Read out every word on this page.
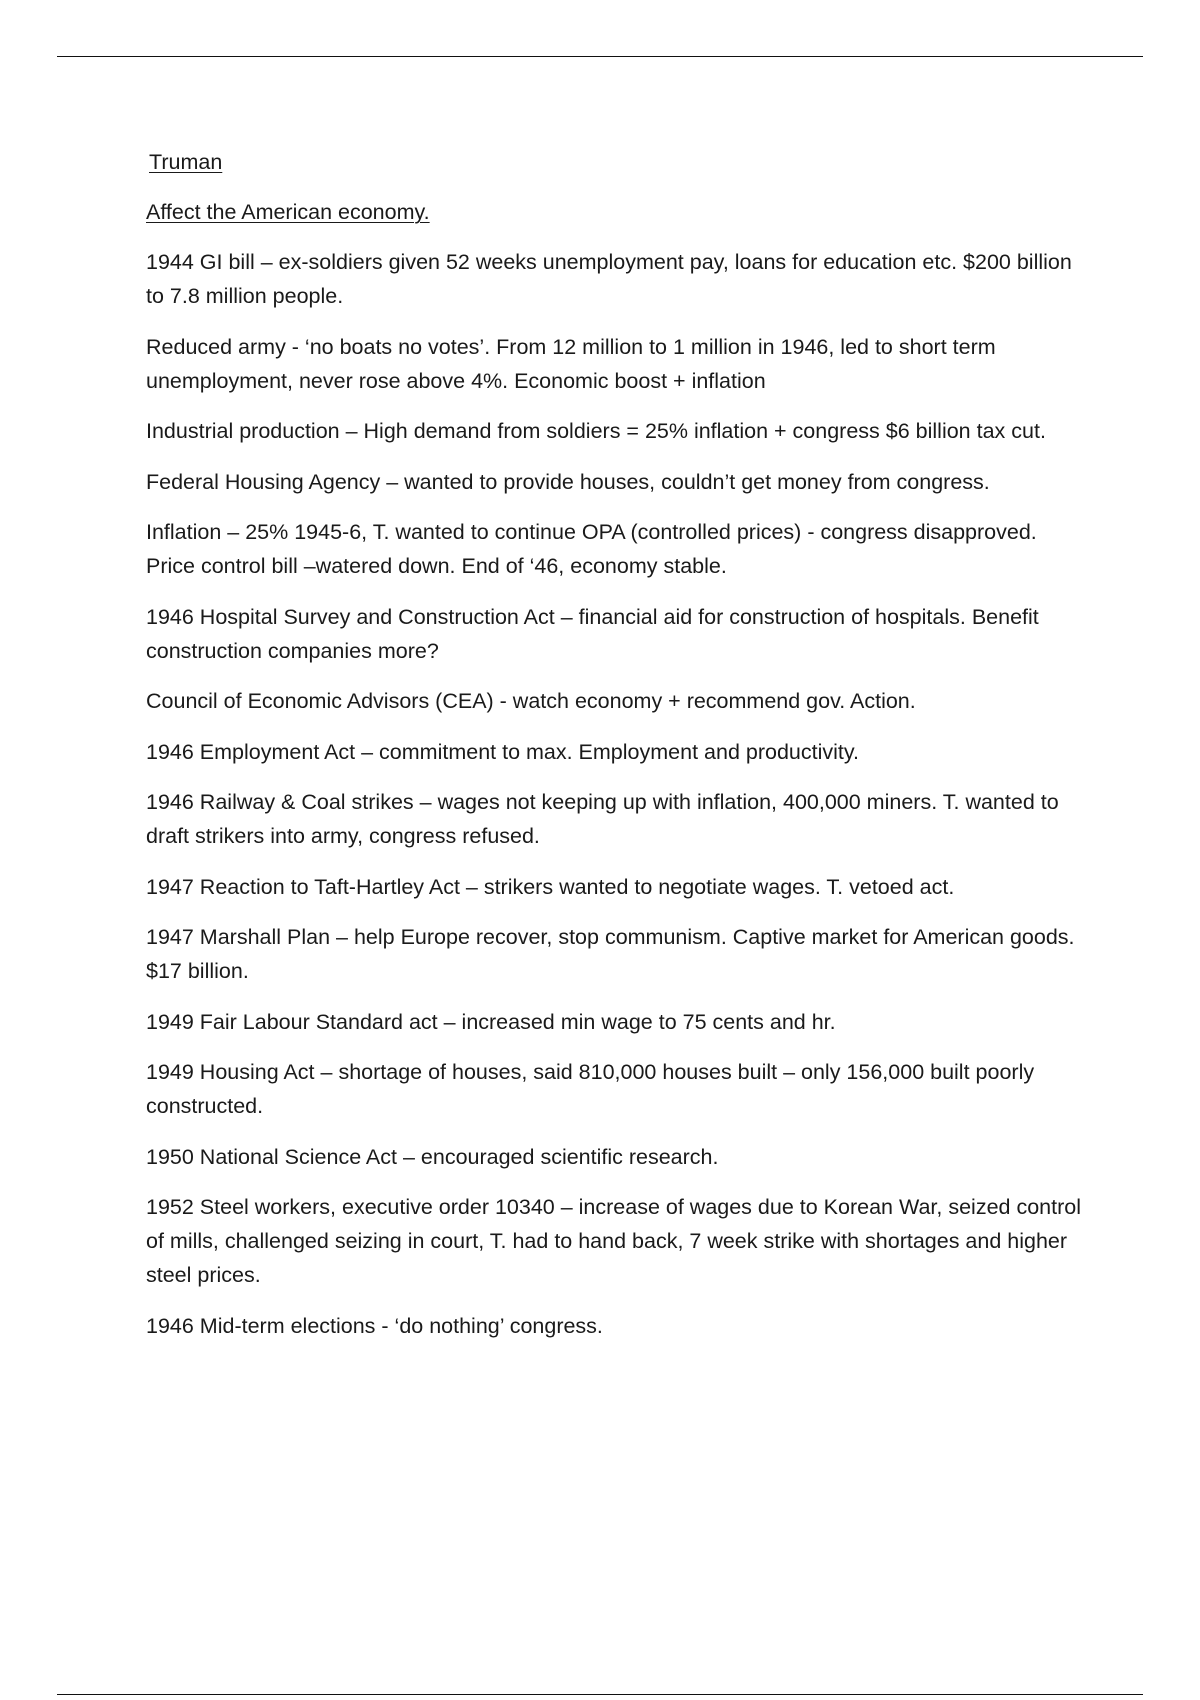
Truman
Affect the American economy.

1944 GI bill – ex-soldiers given 52 weeks unemployment pay, loans for education etc. $200 billion to 7.8 million people.

Reduced army - ‘no boats no votes’. From 12 million to 1 million in 1946, led to short term unemployment, never rose above 4%. Economic boost + inflation

Industrial production – High demand from soldiers = 25% inflation + congress $6 billion tax cut.

Federal Housing Agency – wanted to provide houses, couldn’t get money from congress.

Inflation – 25% 1945-6, T. wanted to continue OPA (controlled prices) - congress disapproved. Price control bill –watered down. End of ‘46, economy stable.

1946 Hospital Survey and Construction Act – financial aid for construction of hospitals. Benefit construction companies more?

Council of Economic Advisors (CEA) - watch economy + recommend gov. Action.

1946 Employment Act – commitment to max. Employment and productivity.

1946 Railway & Coal strikes – wages not keeping up with inflation, 400,000 miners. T. wanted to draft strikers into army, congress refused.

1947 Reaction to Taft-Hartley Act – strikers wanted to negotiate wages. T. vetoed act.

1947 Marshall Plan – help Europe recover, stop communism. Captive market for American goods. $17 billion.

1949 Fair Labour Standard act – increased min wage to 75 cents and hr.

1949 Housing Act – shortage of houses, said 810,000 houses built – only 156,000 built poorly constructed.

1950 National Science Act – encouraged scientific research.

1952 Steel workers, executive order 10340 – increase of wages due to Korean War, seized control of mills, challenged seizing in court, T. had to hand back, 7 week strike with shortages and higher steel prices.

1946 Mid-term elections - ‘do nothing’ congress.
